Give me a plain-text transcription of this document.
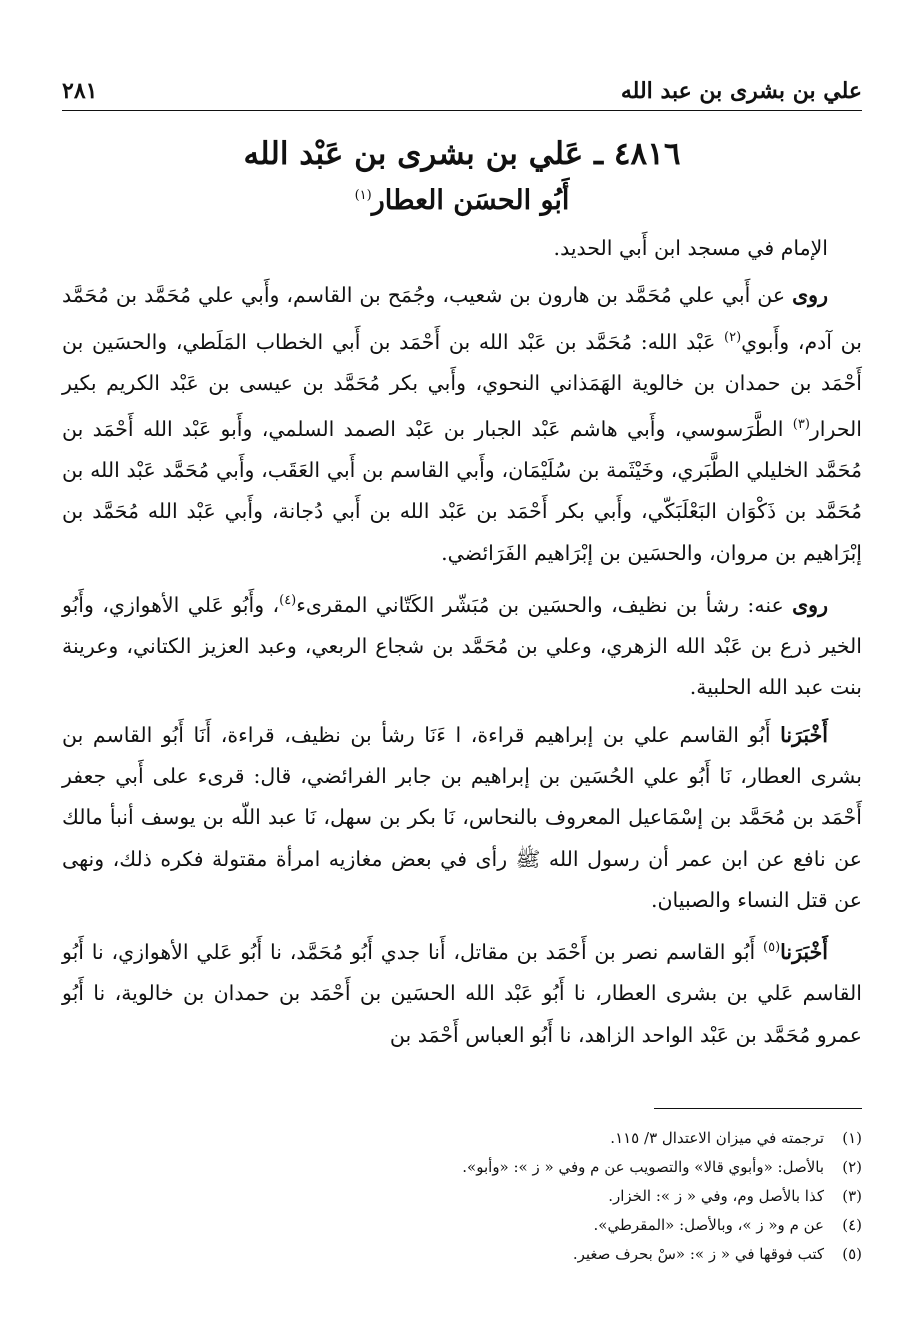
٢٨١	علي بن بشرى بن عبد الله
٤٨١٦ ـ عَلي بن بشرى بن عَبْد الله
أَبُو الحسَن العطار$^{(١)}$

الإمام في مسجد ابن أَبي الحديد.

روى عن أَبي علي مُحَمَّد بن هارون بن شعيب، وجُمَح بن القاسم، وأَبي علي مُحَمَّد بن مُحَمَّد بن آدم، وأَبوي$^{(٢)}$ عَبْد الله: مُحَمَّد بن عَبْد الله بن أَحْمَد بن أَبي الخطاب المَلَطي، والحسَين بن أَحْمَد بن حمدان بن خالوية الهَمَذاني النحوي، وأَبي بكر مُحَمَّد بن عيسى بن عَبْد الكريم بكير الحرار$^{(٣)}$ الطَّرَسوسي، وأَبي هاشم عَبْد الجبار بن عَبْد الصمد السلمي، وأَبو عَبْد الله أَحْمَد بن مُحَمَّد الخليلي الطَّبَري، وخَيْثَمة بن سُلَيْمَان، وأَبي القاسم بن أَبي العَقَب، وأَبي مُحَمَّد عَبْد الله بن مُحَمَّد بن ذَكْوَان البَعْلَبَكّي، وأَبي بكر أَحْمَد بن عَبْد الله بن أَبي دُجانة، وأَبي عَبْد الله مُحَمَّد بن إبْرَاهيم بن مروان، والحسَين بن إبْرَاهيم الفَرَائضي.

روى عنه: رشأ بن نظيف، والحسَين بن مُبَشّر الكَتّاني المقرىء$^{(٤)}$، وأَبُو عَلي الأهوازي، وأَبُو الخير ذرع بن عَبْد الله الزهري، وعلي بن مُحَمَّد بن شجاع الربعي، وعبد العزيز الكتاني، وعرينة بنت عبد الله الحلبية.

أَخْبَرَنا أَبُو القاسم علي بن إبراهيم قراءة، ا ءَنَا رشأ بن نظيف، قراءة، أَنَا أَبُو القاسم بن بشرى العطار، نَا أَبُو علي الحُسَين بن إبراهيم بن جابر الفرائضي، قال: قرىء على أَبي جعفر أَحْمَد بن مُحَمَّد بن إسْمَاعيل المعروف بالنحاس، نَا بكر بن سهل، نَا عبد اللّه بن يوسف أنبأ مالك عن نافع عن ابن عمر أن رسول الله ﷺ رأى في بعض مغازيه امرأة مقتولة فكره ذلك، ونهى عن قتل النساء والصبيان.

أَخْبَرَنا$^{(٥)}$ أَبُو القاسم نصر بن أَحْمَد بن مقاتل، أَنا جدي أَبُو مُحَمَّد، نا أَبُو عَلي الأهوازي، نا أَبُو القاسم عَلي بن بشرى العطار، نا أَبُو عَبْد الله الحسَين بن أَحْمَد بن حمدان بن خالوية، نا أَبُو عمرو مُحَمَّد بن عَبْد الواحد الزاهد، نا أَبُو العباس أَحْمَد بن

(١)
ترجمته في ميزان الاعتدال ٣/ ١١٥.
(٢)
بالأصل: «وأبوي قالا» والتصويب عن م وفي « ز »: «وأبو».
(٣)
كذا بالأصل وم، وفي « ز »: الخزار.
(٤)
عن م و« ز »، وبالأصل: «المقرطي».
(٥)
كتب فوقها في « ز »: «سْ بحرف صغير.
